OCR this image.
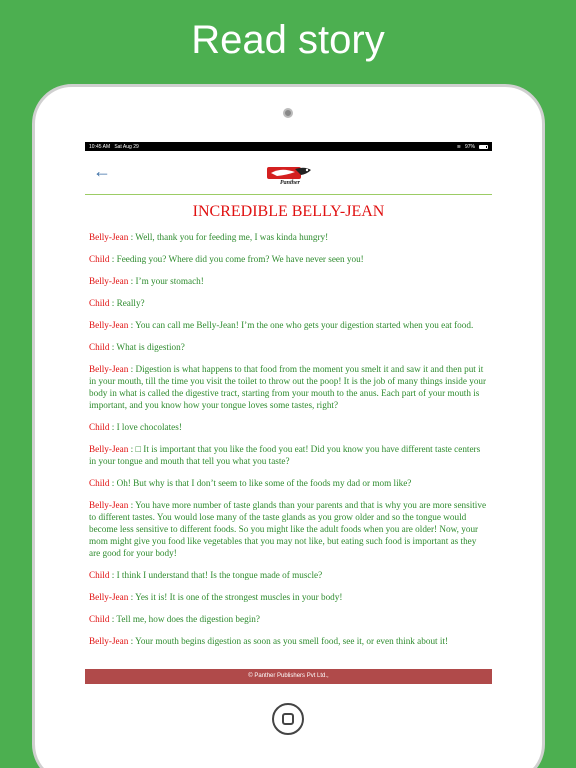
Read story
10:45 AM Sat Aug 29	≋ 97%
←
Panther
INCREDIBLE BELLY-JEAN
Belly-Jean : Well, thank you for feeding me, I was kinda hungry!
Child : Feeding you? Where did you come from? We have never seen you!
Belly-Jean : I’m your stomach!
Child : Really?
Belly-Jean : You can call me Belly-Jean! I’m the one who gets your digestion started when you eat food.
Child : What is digestion?
Belly-Jean : Digestion is what happens to that food from the moment you smelt it and saw it and then put it in your mouth, till the time you visit the toilet to throw out the poop! It is the job of many things inside your body in what is called the digestive tract, starting from your mouth to the anus. Each part of your mouth is important, and you know how your tongue loves some tastes, right?
Child : I love chocolates!
Belly-Jean : □ It is important that you like the food you eat! Did you know you have different taste centers in your tongue and mouth that tell you what you taste?
Child : Oh! But why is that I don’t seem to like some of the foods my dad or mom like?
Belly-Jean : You have more number of taste glands than your parents and that is why you are more sensitive to different tastes. You would lose many of the taste glands as you grow older and so the tongue would become less sensitive to different foods. So you might like the adult foods when you are older! Now, your mom might give you food like vegetables that you may not like, but eating such food is important as they are good for your body!
Child : I think I understand that! Is the tongue made of muscle?
Belly-Jean : Yes it is! It is one of the strongest muscles in your body!
Child : Tell me, how does the digestion begin?
Belly-Jean : Your mouth begins digestion as soon as you smell food, see it, or even think about it!
© Panther Publishers Pvt Ltd.,
